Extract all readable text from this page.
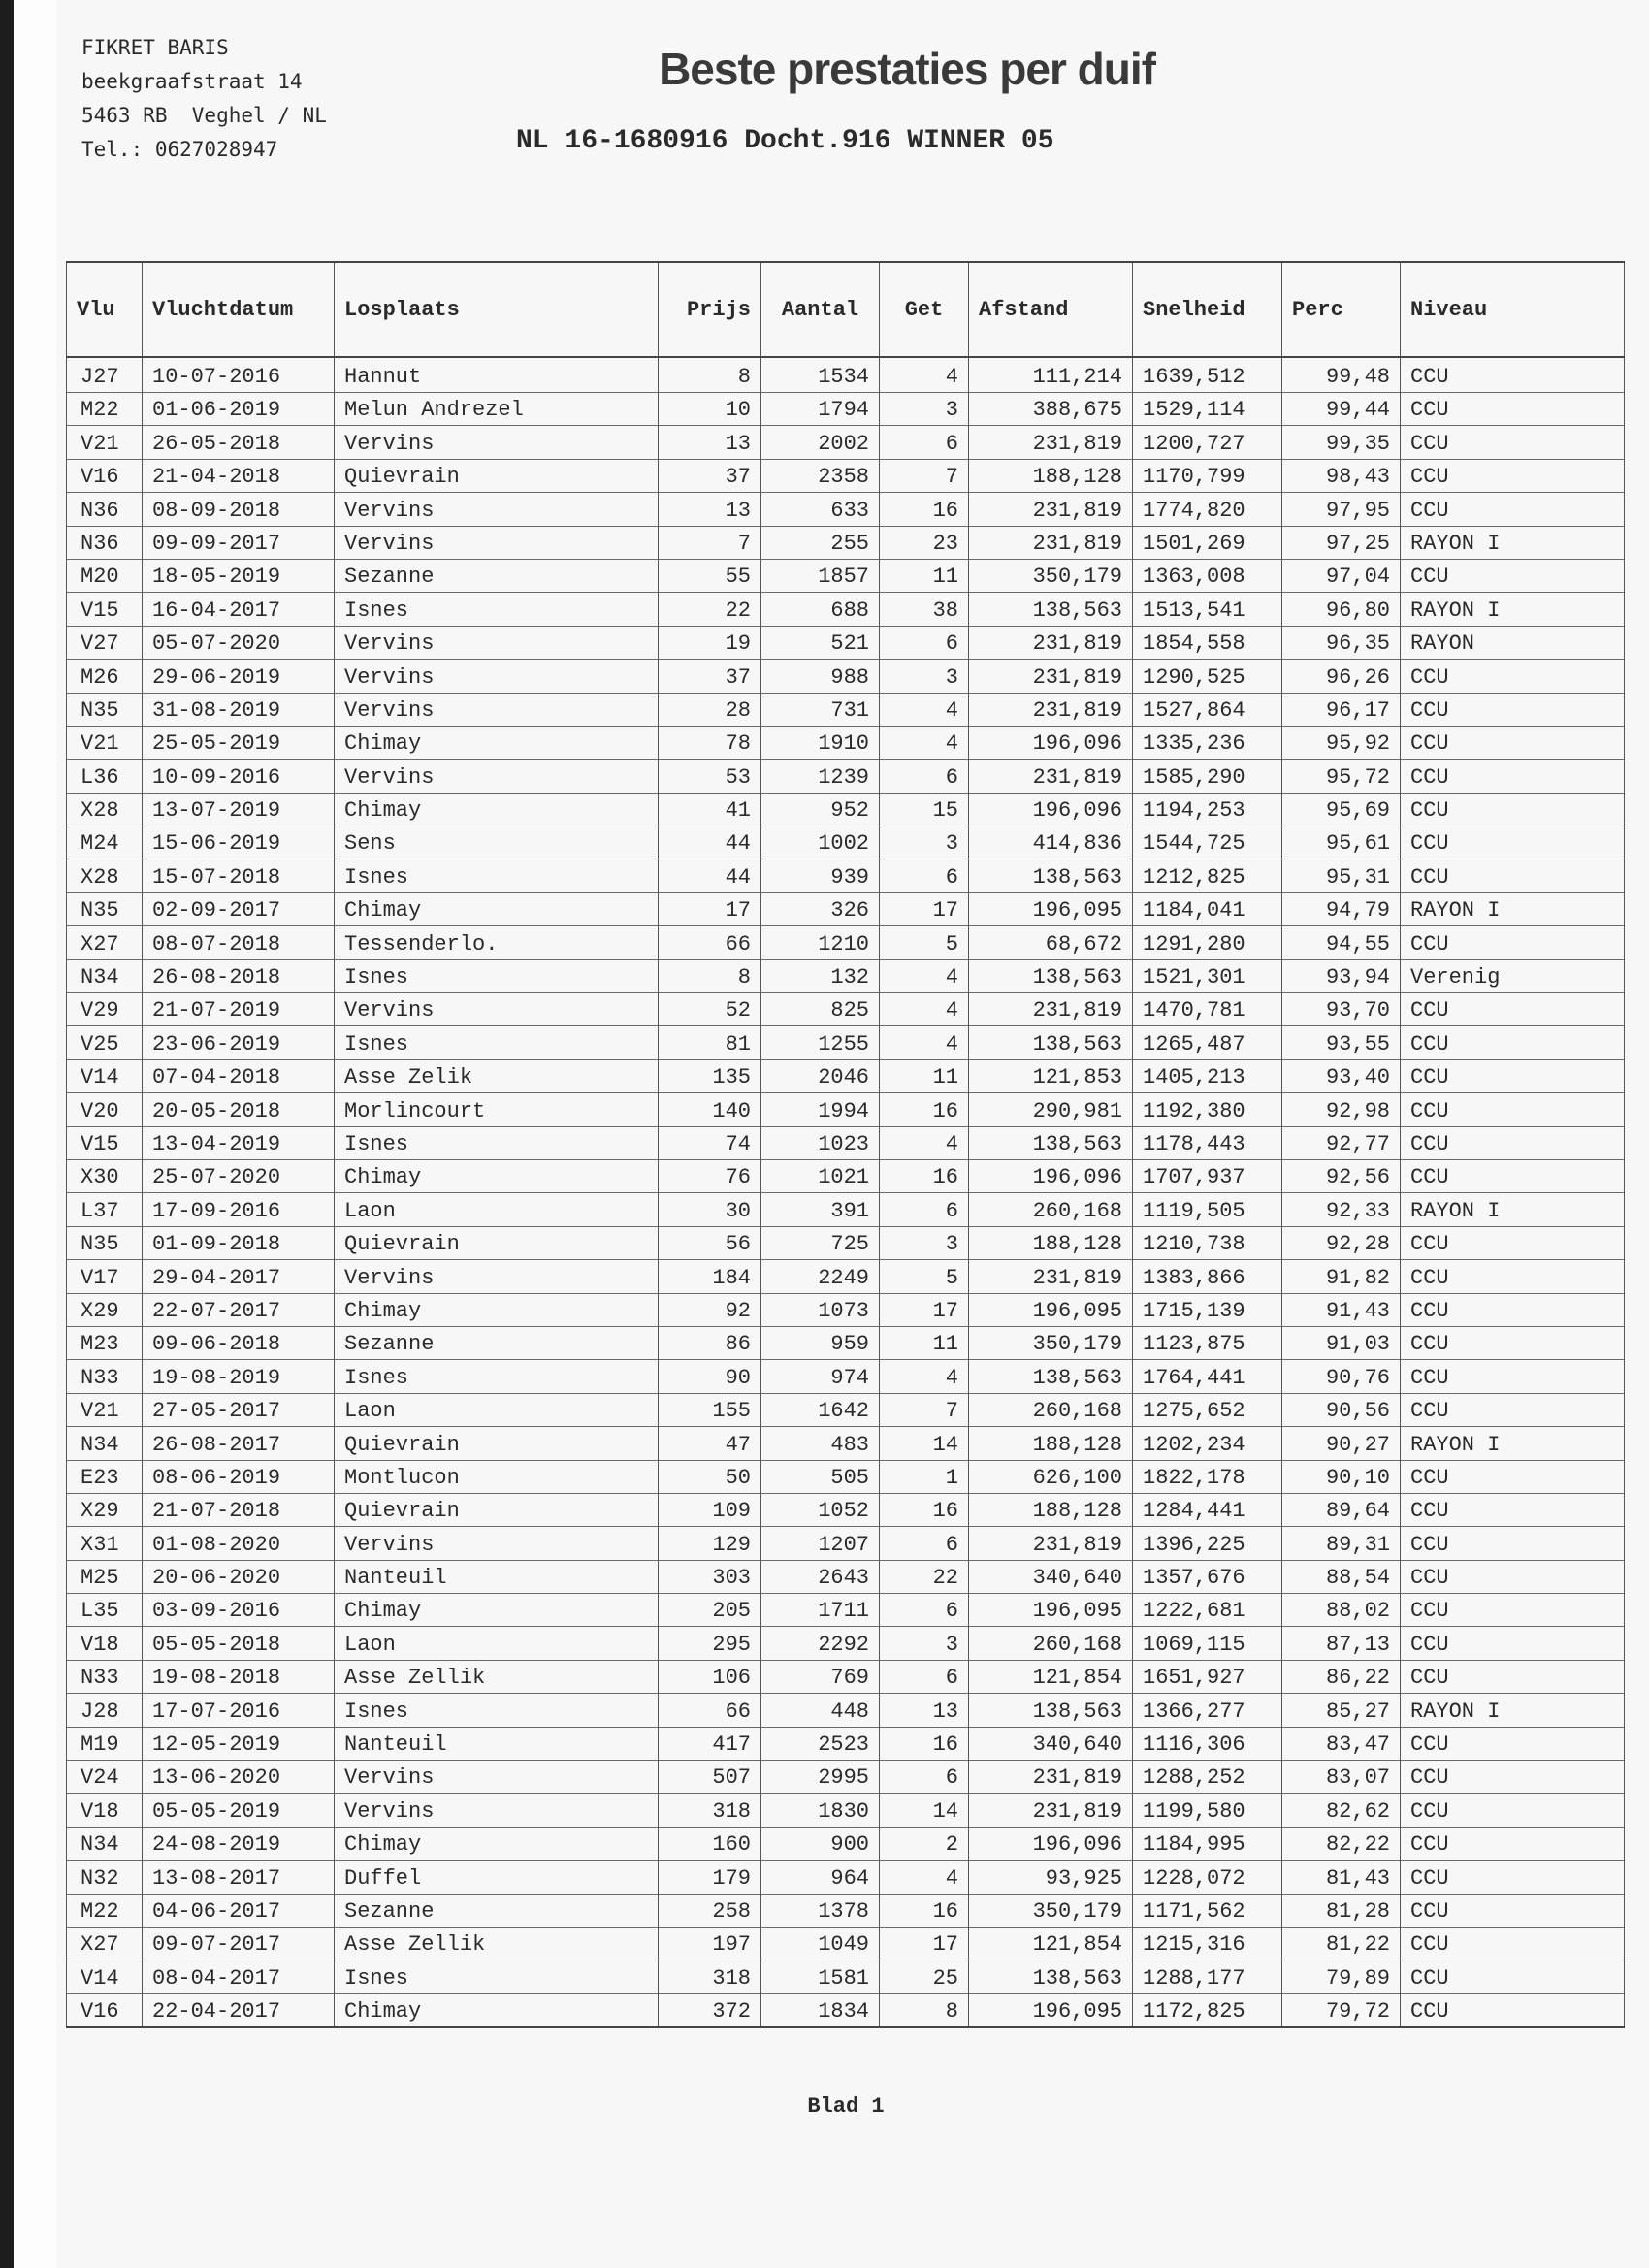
FIKRET BARIS
beekgraafstraat 14
5463 RB  Veghel / NL
Tel.: 0627028947
Beste prestaties per duif
NL 16-1680916 Docht.916 WINNER 05
Vlu	Vluchtdatum	Losplaats	Prijs	Aantal	Get	Afstand	Snelheid	Perc	Niveau
J27	10-07-2016	Hannut	8	1534	4	111,214	1639,512	99,48	CCU
M22	01-06-2019	Melun Andrezel	10	1794	3	388,675	1529,114	99,44	CCU
V21	26-05-2018	Vervins	13	2002	6	231,819	1200,727	99,35	CCU
V16	21-04-2018	Quievrain	37	2358	7	188,128	1170,799	98,43	CCU
N36	08-09-2018	Vervins	13	633	16	231,819	1774,820	97,95	CCU
N36	09-09-2017	Vervins	7	255	23	231,819	1501,269	97,25	RAYON I
M20	18-05-2019	Sezanne	55	1857	11	350,179	1363,008	97,04	CCU
V15	16-04-2017	Isnes	22	688	38	138,563	1513,541	96,80	RAYON I
V27	05-07-2020	Vervins	19	521	6	231,819	1854,558	96,35	RAYON
M26	29-06-2019	Vervins	37	988	3	231,819	1290,525	96,26	CCU
N35	31-08-2019	Vervins	28	731	4	231,819	1527,864	96,17	CCU
V21	25-05-2019	Chimay	78	1910	4	196,096	1335,236	95,92	CCU
L36	10-09-2016	Vervins	53	1239	6	231,819	1585,290	95,72	CCU
X28	13-07-2019	Chimay	41	952	15	196,096	1194,253	95,69	CCU
M24	15-06-2019	Sens	44	1002	3	414,836	1544,725	95,61	CCU
X28	15-07-2018	Isnes	44	939	6	138,563	1212,825	95,31	CCU
N35	02-09-2017	Chimay	17	326	17	196,095	1184,041	94,79	RAYON I
X27	08-07-2018	Tessenderlo.	66	1210	5	68,672	1291,280	94,55	CCU
N34	26-08-2018	Isnes	8	132	4	138,563	1521,301	93,94	Verenig
V29	21-07-2019	Vervins	52	825	4	231,819	1470,781	93,70	CCU
V25	23-06-2019	Isnes	81	1255	4	138,563	1265,487	93,55	CCU
V14	07-04-2018	Asse Zelik	135	2046	11	121,853	1405,213	93,40	CCU
V20	20-05-2018	Morlincourt	140	1994	16	290,981	1192,380	92,98	CCU
V15	13-04-2019	Isnes	74	1023	4	138,563	1178,443	92,77	CCU
X30	25-07-2020	Chimay	76	1021	16	196,096	1707,937	92,56	CCU
L37	17-09-2016	Laon	30	391	6	260,168	1119,505	92,33	RAYON I
N35	01-09-2018	Quievrain	56	725	3	188,128	1210,738	92,28	CCU
V17	29-04-2017	Vervins	184	2249	5	231,819	1383,866	91,82	CCU
X29	22-07-2017	Chimay	92	1073	17	196,095	1715,139	91,43	CCU
M23	09-06-2018	Sezanne	86	959	11	350,179	1123,875	91,03	CCU
N33	19-08-2019	Isnes	90	974	4	138,563	1764,441	90,76	CCU
V21	27-05-2017	Laon	155	1642	7	260,168	1275,652	90,56	CCU
N34	26-08-2017	Quievrain	47	483	14	188,128	1202,234	90,27	RAYON I
E23	08-06-2019	Montlucon	50	505	1	626,100	1822,178	90,10	CCU
X29	21-07-2018	Quievrain	109	1052	16	188,128	1284,441	89,64	CCU
X31	01-08-2020	Vervins	129	1207	6	231,819	1396,225	89,31	CCU
M25	20-06-2020	Nanteuil	303	2643	22	340,640	1357,676	88,54	CCU
L35	03-09-2016	Chimay	205	1711	6	196,095	1222,681	88,02	CCU
V18	05-05-2018	Laon	295	2292	3	260,168	1069,115	87,13	CCU
N33	19-08-2018	Asse Zellik	106	769	6	121,854	1651,927	86,22	CCU
J28	17-07-2016	Isnes	66	448	13	138,563	1366,277	85,27	RAYON I
M19	12-05-2019	Nanteuil	417	2523	16	340,640	1116,306	83,47	CCU
V24	13-06-2020	Vervins	507	2995	6	231,819	1288,252	83,07	CCU
V18	05-05-2019	Vervins	318	1830	14	231,819	1199,580	82,62	CCU
N34	24-08-2019	Chimay	160	900	2	196,096	1184,995	82,22	CCU
N32	13-08-2017	Duffel	179	964	4	93,925	1228,072	81,43	CCU
M22	04-06-2017	Sezanne	258	1378	16	350,179	1171,562	81,28	CCU
X27	09-07-2017	Asse Zellik	197	1049	17	121,854	1215,316	81,22	CCU
V14	08-04-2017	Isnes	318	1581	25	138,563	1288,177	79,89	CCU
V16	22-04-2017	Chimay	372	1834	8	196,095	1172,825	79,72	CCU
Blad 1
